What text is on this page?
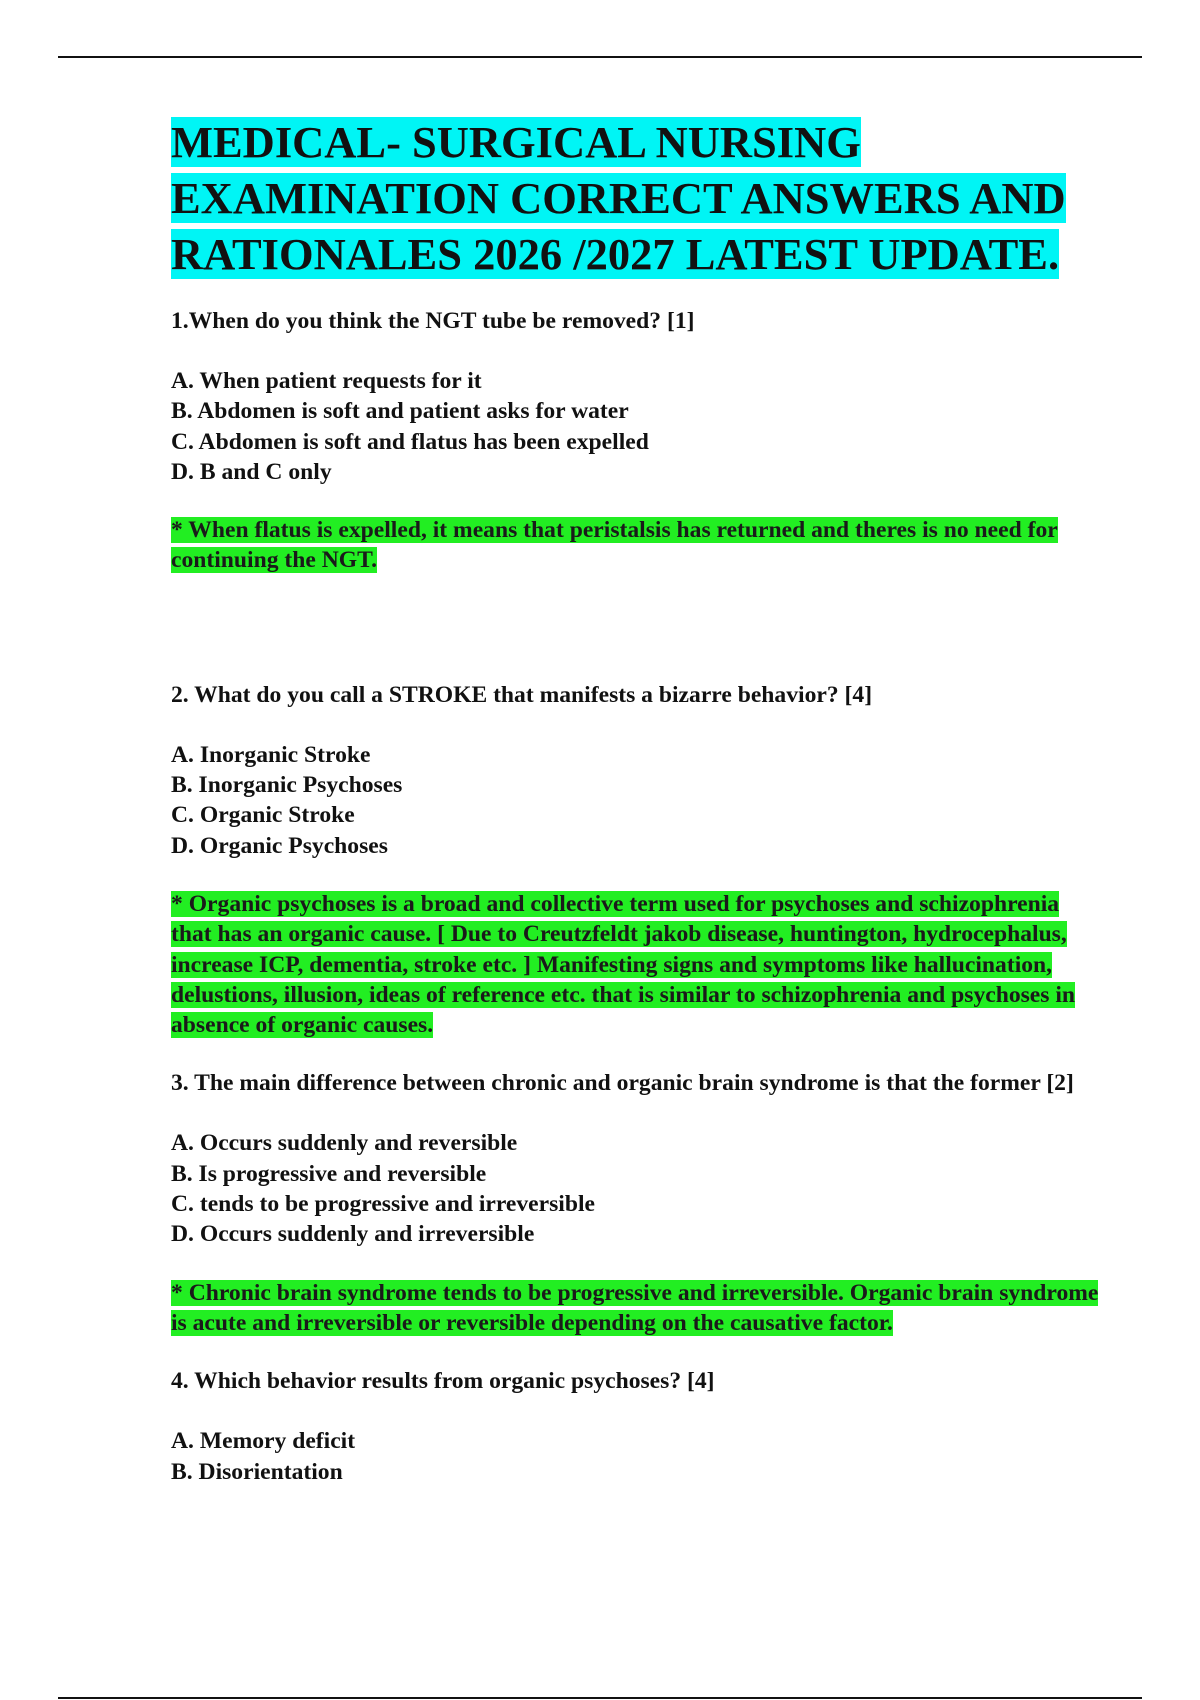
MEDICAL- SURGICAL NURSING EXAMINATION CORRECT ANSWERS AND RATIONALES 2026 /2027 LATEST UPDATE.

1.When do you think the NGT tube be removed? [1]

A. When patient requests for it
B. Abdomen is soft and patient asks for water
C. Abdomen is soft and flatus has been expelled
D. B and C only

* When flatus is expelled, it means that peristalsis has returned and theres is no need for continuing the NGT.

2. What do you call a STROKE that manifests a bizarre behavior? [4]

A. Inorganic Stroke
B. Inorganic Psychoses
C. Organic Stroke
D. Organic Psychoses

* Organic psychoses is a broad and collective term used for psychoses and schizophrenia that has an organic cause. [ Due to Creutzfeldt jakob disease, huntington, hydrocephalus, increase ICP, dementia, stroke etc. ] Manifesting signs and symptoms like hallucination, delustions, illusion, ideas of reference etc. that is similar to schizophrenia and psychoses in absence of organic causes.

3. The main difference between chronic and organic brain syndrome is that the former [2]

A. Occurs suddenly and reversible
B. Is progressive and reversible
C. tends to be progressive and irreversible
D. Occurs suddenly and irreversible

* Chronic brain syndrome tends to be progressive and irreversible. Organic brain syndrome is acute and irreversible or reversible depending on the causative factor.

4. Which behavior results from organic psychoses? [4]

A. Memory deficit
B. Disorientation
